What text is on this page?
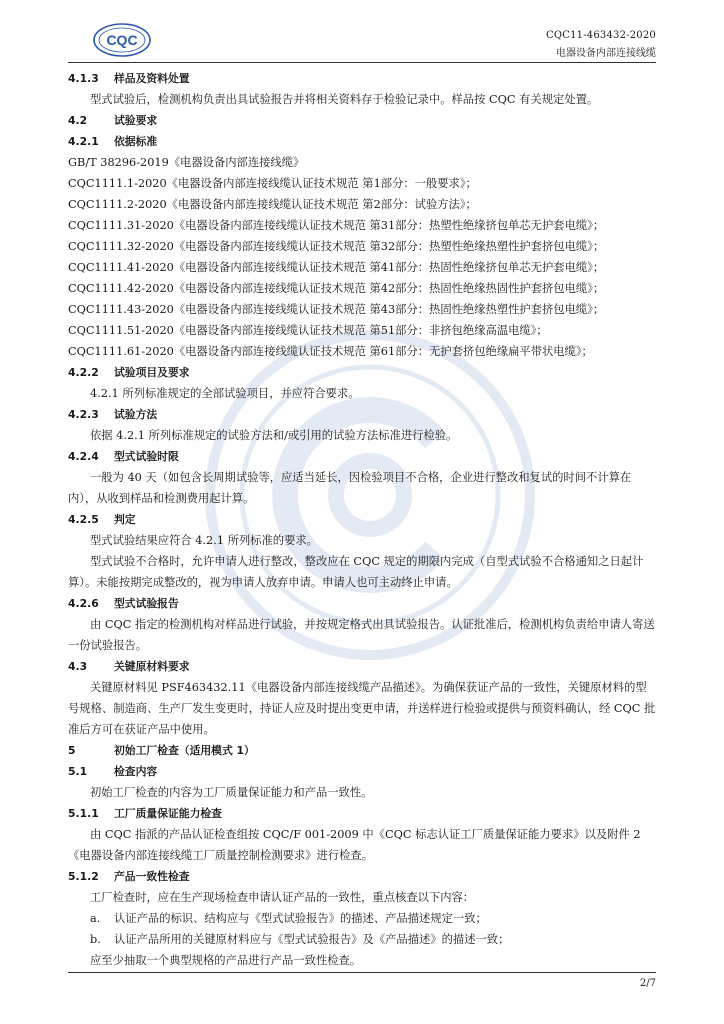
CQC	CQC11-463432-2020
电器设备内部连接线缆
4.1.3 样品及资料处置
型式试验后，检测机构负责出具试验报告并将相关资料存于检验记录中。样品按 CQC 有关规定处置。
4.2 试验要求
4.2.1 依据标准
GB/T 38296-2019《电器设备内部连接线缆》
CQC1111.1-2020《电器设备内部连接线缆认证技术规范 第1部分：一般要求》；
CQC1111.2-2020《电器设备内部连接线缆认证技术规范 第2部分：试验方法》；
CQC1111.31-2020《电器设备内部连接线缆认证技术规范 第31部分：热塑性绝缘挤包单芯无护套电缆》；
CQC1111.32-2020《电器设备内部连接线缆认证技术规范 第32部分：热塑性绝缘热塑性护套挤包电缆》；
CQC1111.41-2020《电器设备内部连接线缆认证技术规范 第41部分：热固性绝缘挤包单芯无护套电缆》；
CQC1111.42-2020《电器设备内部连接线缆认证技术规范 第42部分：热固性绝缘热固性护套挤包电缆》；
CQC1111.43-2020《电器设备内部连接线缆认证技术规范 第43部分：热固性绝缘热塑性护套挤包电缆》；
CQC1111.51-2020《电器设备内部连接线缆认证技术规范 第51部分：非挤包绝缘高温电缆》；
CQC1111.61-2020《电器设备内部连接线缆认证技术规范 第61部分：无护套挤包绝缘扁平带状电缆》；
4.2.2 试验项目及要求
4.2.1 所列标准规定的全部试验项目，并应符合要求。
4.2.3 试验方法
依据 4.2.1 所列标准规定的试验方法和/或引用的试验方法标准进行检验。
4.2.4 型式试验时限
一般为 40 天（如包含长周期试验等，应适当延长，因检验项目不合格，企业进行整改和复试的时间不计算在内），从收到样品和检测费用起计算。
4.2.5 判定
型式试验结果应符合 4.2.1 所列标准的要求。
型式试验不合格时，允许申请人进行整改，整改应在 CQC 规定的期限内完成（自型式试验不合格通知之日起计算）。未能按期完成整改的，视为申请人放弃申请。申请人也可主动终止申请。
4.2.6 型式试验报告
由 CQC 指定的检测机构对样品进行试验，并按规定格式出具试验报告。认证批准后，检测机构负责给申请人寄送一份试验报告。
4.3 关键原材料要求
关键原材料见 PSF463432.11《电器设备内部连接线缆产品描述》。为确保获证产品的一致性，关键原材料的型号规格、制造商、生产厂发生变更时，持证人应及时提出变更申请，并送样进行检验或提供与预资料确认，经 CQC 批准后方可在获证产品中使用。
5	初始工厂检查（适用模式 1）
5.1 检查内容
初始工厂检查的内容为工厂质量保证能力和产品一致性。
5.1.1 工厂质量保证能力检查
由 CQC 指派的产品认证检查组按 CQC/F 001-2009 中《CQC 标志认证工厂质量保证能力要求》以及附件 2《电器设备内部连接线缆工厂质量控制检测要求》进行检查。
5.1.2 产品一致性检查
工厂检查时，应在生产现场检查申请认证产品的一致性，重点核查以下内容：
a. 认证产品的标识、结构应与《型式试验报告》的描述、产品描述规定一致；
b. 认证产品所用的关键原材料应与《型式试验报告》及《产品描述》的描述一致；
应至少抽取一个典型规格的产品进行产品一致性检查。
2/7
